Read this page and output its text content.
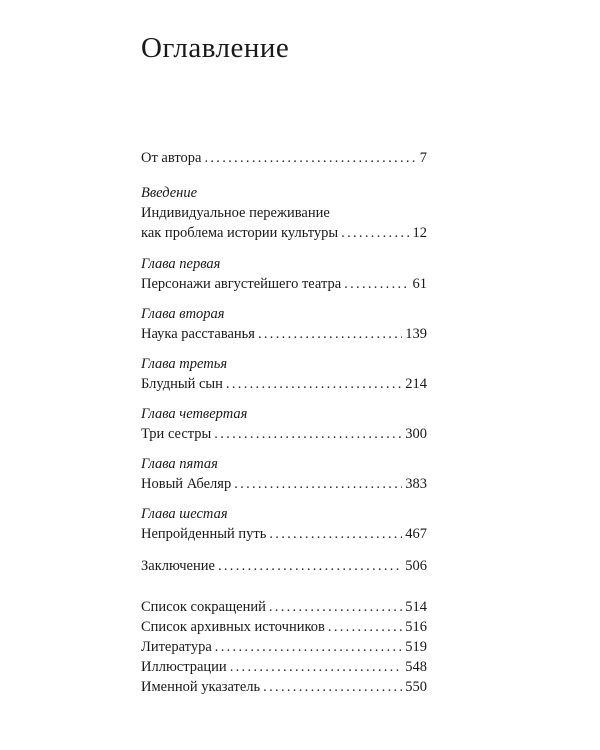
Оглавление
От автора .....	7
Введение
Индивидуальное переживание
как проблема истории культуры .....	12
Глава первая
Персонажи августейшего театра .....	61
Глава вторая
Наука расставанья .....	139
Глава третья
Блудный сын .....	214
Глава четвертая
Три сестры .....	300
Глава пятая
Новый Абеляр .....	383
Глава шестая
Непройденный путь .....	467
Заключение .....	506
Список сокращений .....	514
Список архивных источников .....	516
Литература .....	519
Иллюстрации .....	548
Именной указатель .....	550
